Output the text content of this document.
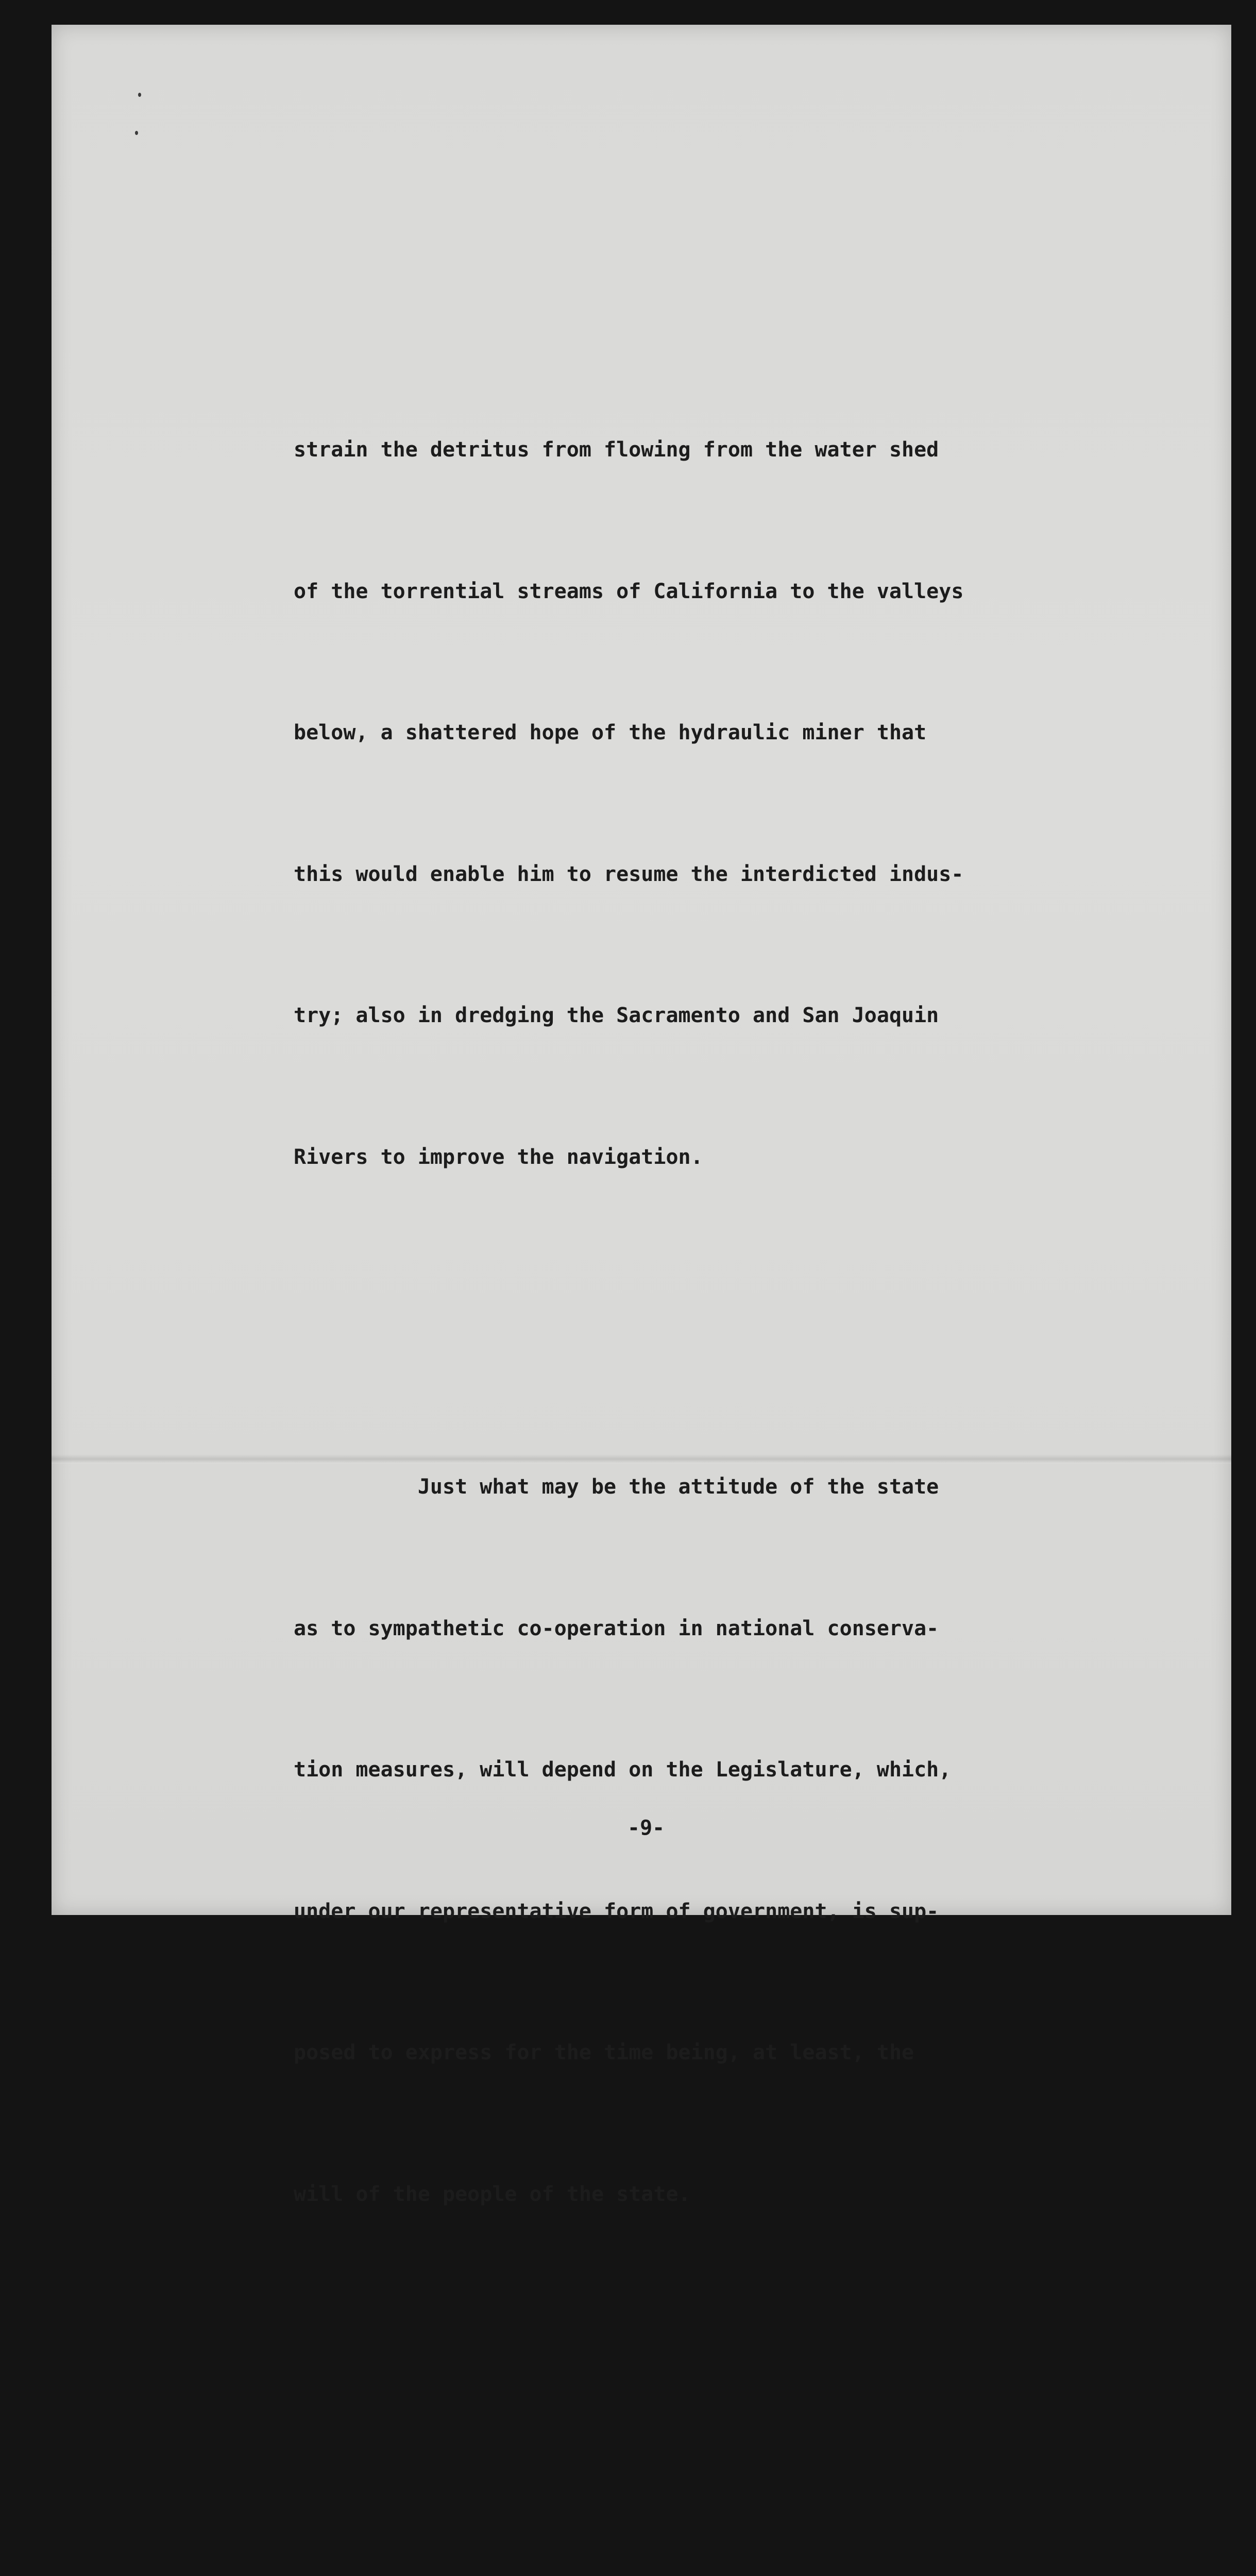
strain the detritus from flowing from the water shed

of the torrential streams of California to the valleys

below, a shattered hope of the hydraulic miner that

this would enable him to resume the interdicted indus-

try; also in dredging the Sacramento and San Joaquin

Rivers to improve the navigation.

Just what may be the attitude of the state

as to sympathetic co-operation in national conserva-

tion measures, will depend on the Legislature, which,

under our representative form of government, is sup-

posed to express for the time being, at least, the

will of the people of the state.

-9-
